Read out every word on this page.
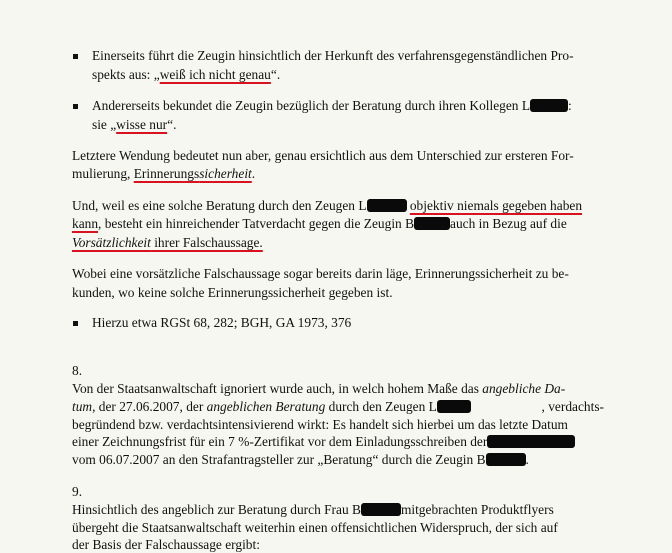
Einerseits führt die Zeugin hinsichtlich der Herkunft des verfahrensgegenständlichen Pro-
spekts aus: „weiß ich nicht genau“.
Andererseits bekundet die Zeugin bezüglich der Beratung durch ihren Kollegen L	:
sie „wisse nur“.
Letztere Wendung bedeutet nun aber, genau ersichtlich aus dem Unterschied zur ersteren For-
mulierung, Erinnerungssicherheit.
Und, weil es eine solche Beratung durch den Zeugen L	objektiv niemals gegeben haben
kann, besteht ein hinreichender Tatverdacht gegen die Zeugin B	auch in Bezug auf die
Vorsätzlichkeit ihrer Falschaussage.
Wobei eine vorsätzliche Falschaussage sogar bereits darin läge, Erinnerungssicherheit zu be-
kunden, wo keine solche Erinnerungssicherheit gegeben ist.
Hierzu etwa RGSt 68, 282; BGH, GA 1973, 376
8.
Von der Staatsanwaltschaft ignoriert wurde auch, in welch hohem Maße das angebliche Da-
tum, der 27.06.2007, der angeblichen Beratung durch den Zeugen L	, verdachts-
begründend bzw. verdachtsintensivierend wirkt: Es handelt sich hierbei um das letzte Datum
einer Zeichnungsfrist für ein 7 %-Zertifikat vor dem Einladungsschreiben der
vom 06.07.2007 an den Strafantragsteller zur „Beratung“ durch die Zeugin B	.
9.
Hinsichtlich des angeblich zur Beratung durch Frau B	mitgebrachten Produktflyers
übergeht die Staatsanwaltschaft weiterhin einen offensichtlichen Widerspruch, der sich auf
der Basis der Falschaussage ergibt:
